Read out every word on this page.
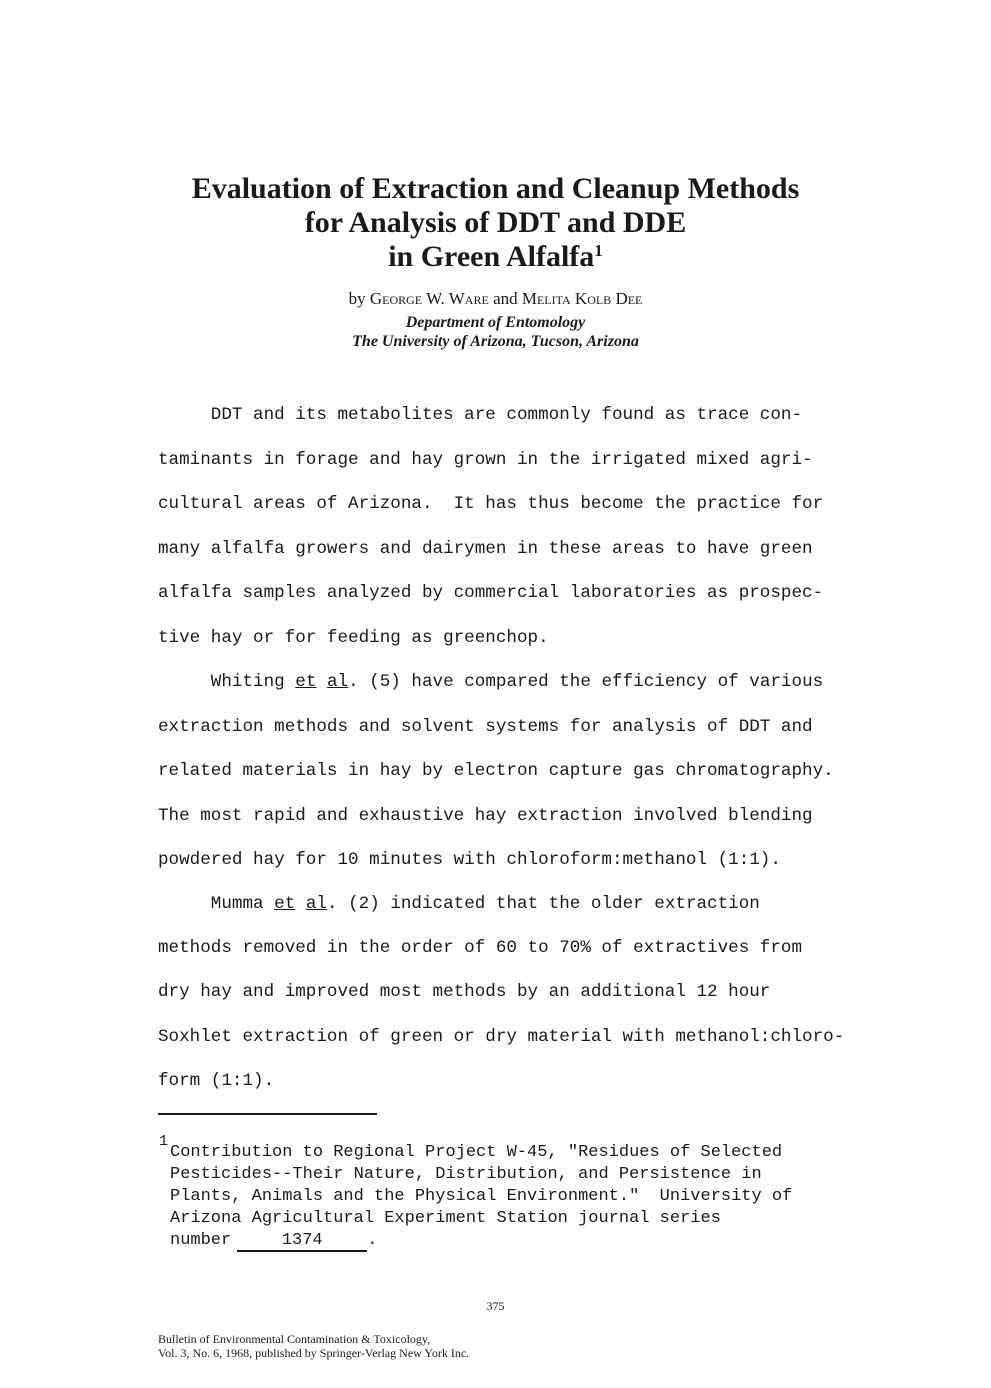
Evaluation of Extraction and Cleanup Methods
for Analysis of DDT and DDE
in Green Alfalfa$^1$
by George W. Ware and Melita Kolb Dee
Department of Entomology
The University of Arizona, Tucson, Arizona
DDT and its metabolites are commonly found as trace con-
taminants in forage and hay grown in the irrigated mixed agri-
cultural areas of Arizona.  It has thus become the practice for
many alfalfa growers and dairymen in these areas to have green
alfalfa samples analyzed by commercial laboratories as prospec-
tive hay or for feeding as greenchop.
Whiting et al. (5) have compared the efficiency of various
extraction methods and solvent systems for analysis of DDT and
related materials in hay by electron capture gas chromatography.
The most rapid and exhaustive hay extraction involved blending
powdered hay for 10 minutes with chloroform:methanol (1:1).
Mumma et al. (2) indicated that the older extraction
methods removed in the order of 60 to 70% of extractives from
dry hay and improved most methods by an additional 12 hour
Soxhlet extraction of green or dry material with methanol:chloro-
form (1:1).
1
Contribution to Regional Project W-45, "Residues of Selected
Pesticides--Their Nature, Distribution, and Persistence in
Plants, Animals and the Physical Environment."  University of
Arizona Agricultural Experiment Station journal series
number	1374	.
375
Bulletin of Environmental Contamination & Toxicology,
Vol. 3, No. 6, 1968, published by Springer-Verlag New York Inc.
